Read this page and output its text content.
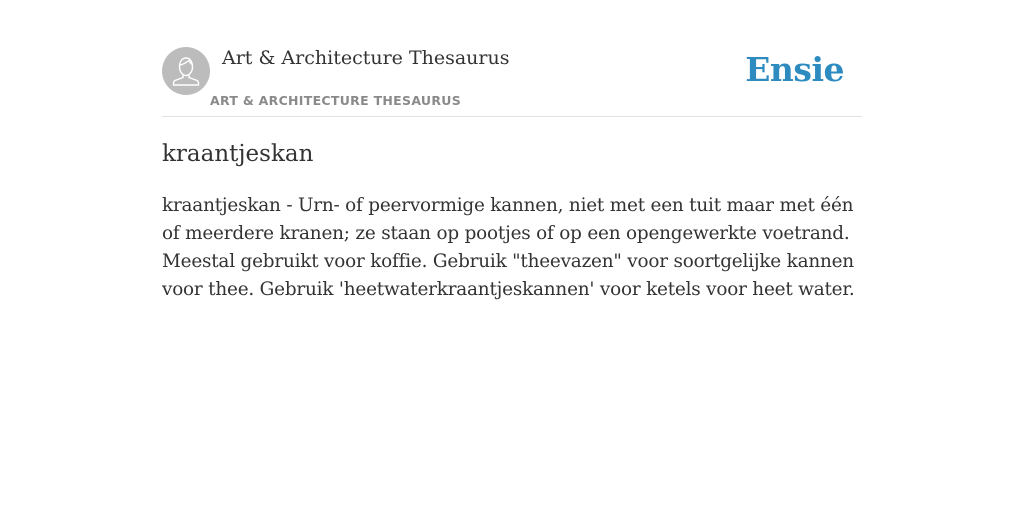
Art & Architecture Thesaurus
ART & ARCHITECTURE THESAURUS
Ensie
kraantjeskan

kraantjeskan - Urn- of peervormige kannen, niet met een tuit maar met één of meerdere kranen; ze staan op pootjes of op een opengewerkte voetrand. Meestal gebruikt voor koffie. Gebruik "theevazen" voor soortgelijke kannen voor thee. Gebruik 'heetwaterkraantjeskannen' voor ketels voor heet water.
